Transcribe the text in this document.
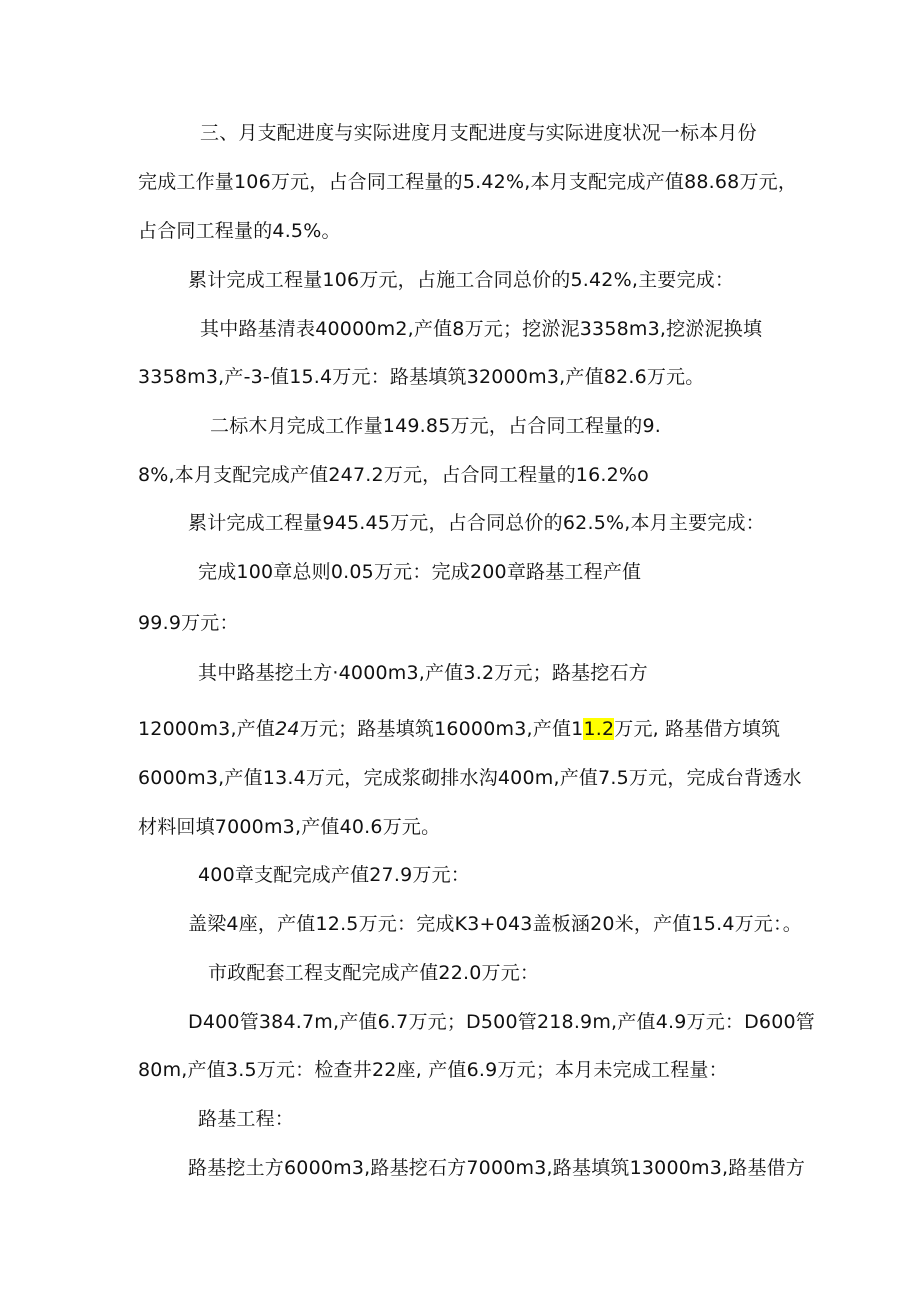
三、月支配进度与实际进度月支配进度与实际进度状况一标本月份
完成工作量106万元，占合同工程量的5.42%,本月支配完成产值88.68万元，
占合同工程量的4.5%。
累计完成工程量106万元，占施工合同总价的5.42%,主要完成：
其中路基清表40000m2,产值8万元；挖淤泥3358m3,挖淤泥换填
3358m3,产-3-值15.4万元：路基填筑32000m3,产值82.6万元。
二标木月完成工作量149.85万元，占合同工程量的9.
8%,本月支配完成产值247.2万元，占合同工程量的16.2%o
累计完成工程量945.45万元，占合同总价的62.5%,本月主要完成：
完成100章总则0.05万元：完成200章路基工程产值
99.9万元：
其中路基挖土方·4000m3,产值3.2万元；路基挖石方
12000m3,产值24万元；路基填筑16000m3,产值11.2万元, 路基借方填筑
6000m3,产值13.4万元，完成浆砌排水沟400m,产值7.5万元，完成台背透水
材料回填7000m3,产值40.6万元。
400章支配完成产值27.9万元：
盖梁4座，产值12.5万元：完成K3+043盖板涵20米，产值15.4万元：。
市政配套工程支配完成产值22.0万元：
D400管384.7m,产值6.7万元；D500管218.9m,产值4.9万元：D600管
80m,产值3.5万元：检查井22座, 产值6.9万元；本月未完成工程量：
路基工程：
路基挖土方6000m3,路基挖石方7000m3,路基填筑13000m3,路基借方
